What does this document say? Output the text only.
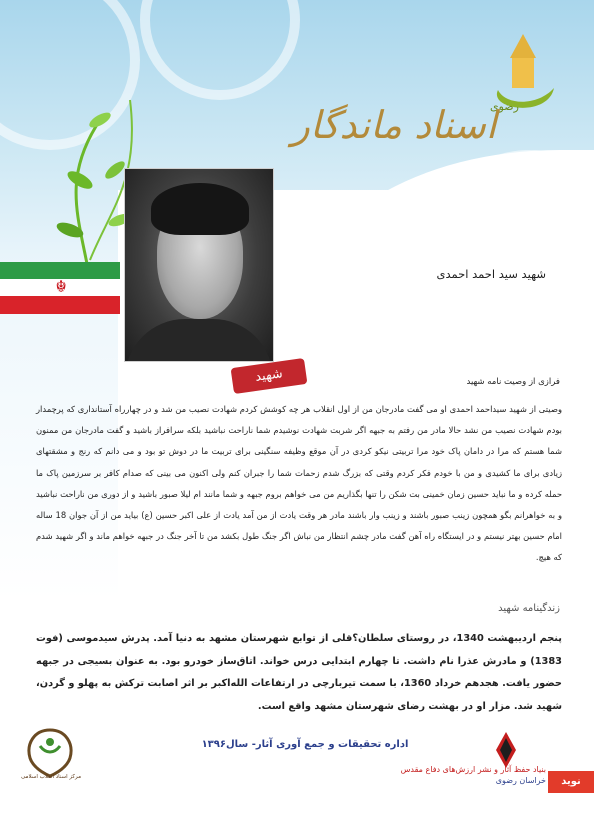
☬
رضوی
اسناد ماندگار
شهید سید احمد احمدی
شهید	فرازی از وصیت نامه شهید
وصیتی از شهید سیداحمد احمدی او می گفت مادرجان من از اول انقلاب هر چه کوشش کردم شهادت نصیب من شد و در چهارراه آستانداری که پرچمدار بودم شهادت نصیب من نشد حالا مادر من رفتم به جبهه اگر شربت شهادت نوشیدم شما ناراحت نباشید بلکه سرافراز باشید و گفت مادرجان من ممنون شما هستم که مرا در دامان پاک خود مرا تربیتی نیکو کردی در آن موقع وظیفه سنگینی برای تربیت ما در دوش تو بود و می دانم که رنج و مشقتهای زیادی برای ما کشیدی و من با خودم فکر کردم وقتی که بزرگ شدم زحمات شما را جبران کنم ولی اکنون می بینی که صدام کافر بر سرزمین پاک ما حمله کرده و ما نباید حسین زمان خمینی بت شکن را تنها بگذاریم من می خواهم بروم جبهه و شما مانند ام لیلا صبور باشید و از دوری من ناراحت نباشید و به خواهرانم بگو همچون زینب صبور باشند و زینب وار باشند مادر هر وقت یادت از من آمد یادت از علی اکبر حسین (ع) بیاید من از آن جوان 18 ساله امام حسین بهتر نیستم و در ایستگاه راه آهن گفت مادر چشم انتظار من نباش اگر جنگ طول بکشد من تا آخر جنگ در جبهه خواهم ماند و اگر شهید شدم که هیچ.
زندگینامه شهید
پنجم اردیبهشت 1340، در روستای سلطان؟قلی از توابع شهرستان مشهد به دنیا آمد. پدرش سیدموسی (فوت 1383) و مادرش عذرا نام داشت. تا چهارم ابتدایی درس خواند. اتاق‌ساز خودرو بود. به عنوان بسیجی در جبهه حضور یافت. هجدهم خرداد 1360، با سمت تیربارچی در ارتفاعات الله‌اکبر بر اثر اصابت ترکش به پهلو و گردن، شهید شد. مزار او در بهشت رضای شهرستان مشهد واقع است.
مرکز اسناد انقلاب اسلامی
اداره تحقیقات و جمع آوری آثار- سال۱۳۹۶
بنیاد حفظ آثار و نشر ارزش‌های دفاع مقدس
خراسان رضوی	نوید شاهد
